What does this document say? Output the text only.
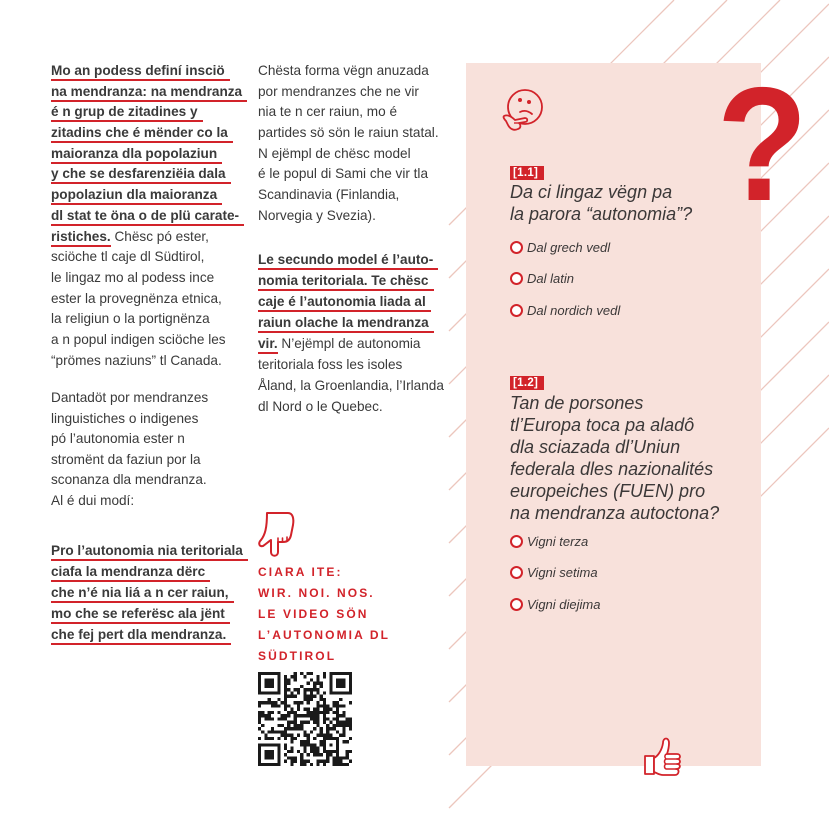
?
Mo an podess definí insciö
na mendranza: na mendranza
é n grup de zitadines y
zitadins che é mënder co la
maioranza dla popolaziun
y che se desfarenziëia dala
popolaziun dla maioranza
dl stat te öna o de plü carate-
ristiches. Chësc pó ester,
sciöche tl caje dl Südtirol,
le lingaz mo al podess ince
ester la provegnënza etnica,
la religiun o la portignënza
a n popul indigen sciöche les
“prömes naziuns” tl Canada.
Dantadöt por mendranzes
linguistiches o indigenes
pó l’autonomia ester n
stromënt da faziun por la
sconanza dla mendranza.
Al é dui modí:
Pro l’autonomia nia teritoriala
ciafa la mendranza dërc
che n’é nia liá a n cer raiun,
mo che se referësc ala jënt
che fej pert dla mendranza.
Chësta forma vëgn anuzada
por mendranzes che ne vir
nia te n cer raiun, mo é
partides sö sön le raiun statal.
N ejëmpl de chësc model
é le popul di Sami che vir tla
Scandinavia (Finlandia,
Norvegia y Svezia).
Le secundo model é l’auto-
nomia teritoriala. Te chësc
caje é l’autonomia liada al
raiun olache la mendranza
vir. N’ejëmpl de autonomia
teritoriala foss les isoles
Åland, la Groenlandia, l’Irlanda
dl Nord o le Quebec.
CIARA ITE:
WIR. NOI. NOS.
LE VIDEO SÖN
L’AUTONOMIA DL
SÜDTIROL
[1.1]
Da ci lingaz vëgn pa
la parora “autonomia”?
Dal grech vedl
Dal latin
Dal nordich vedl
[1.2]
Tan de porsones
tl’Europa toca pa aladô
dla sciazada dl’Uniun
federala dles nazionalités
europeiches (FUEN) pro
na mendranza autoctona?
Vigni terza
Vigni setima
Vigni diejima
